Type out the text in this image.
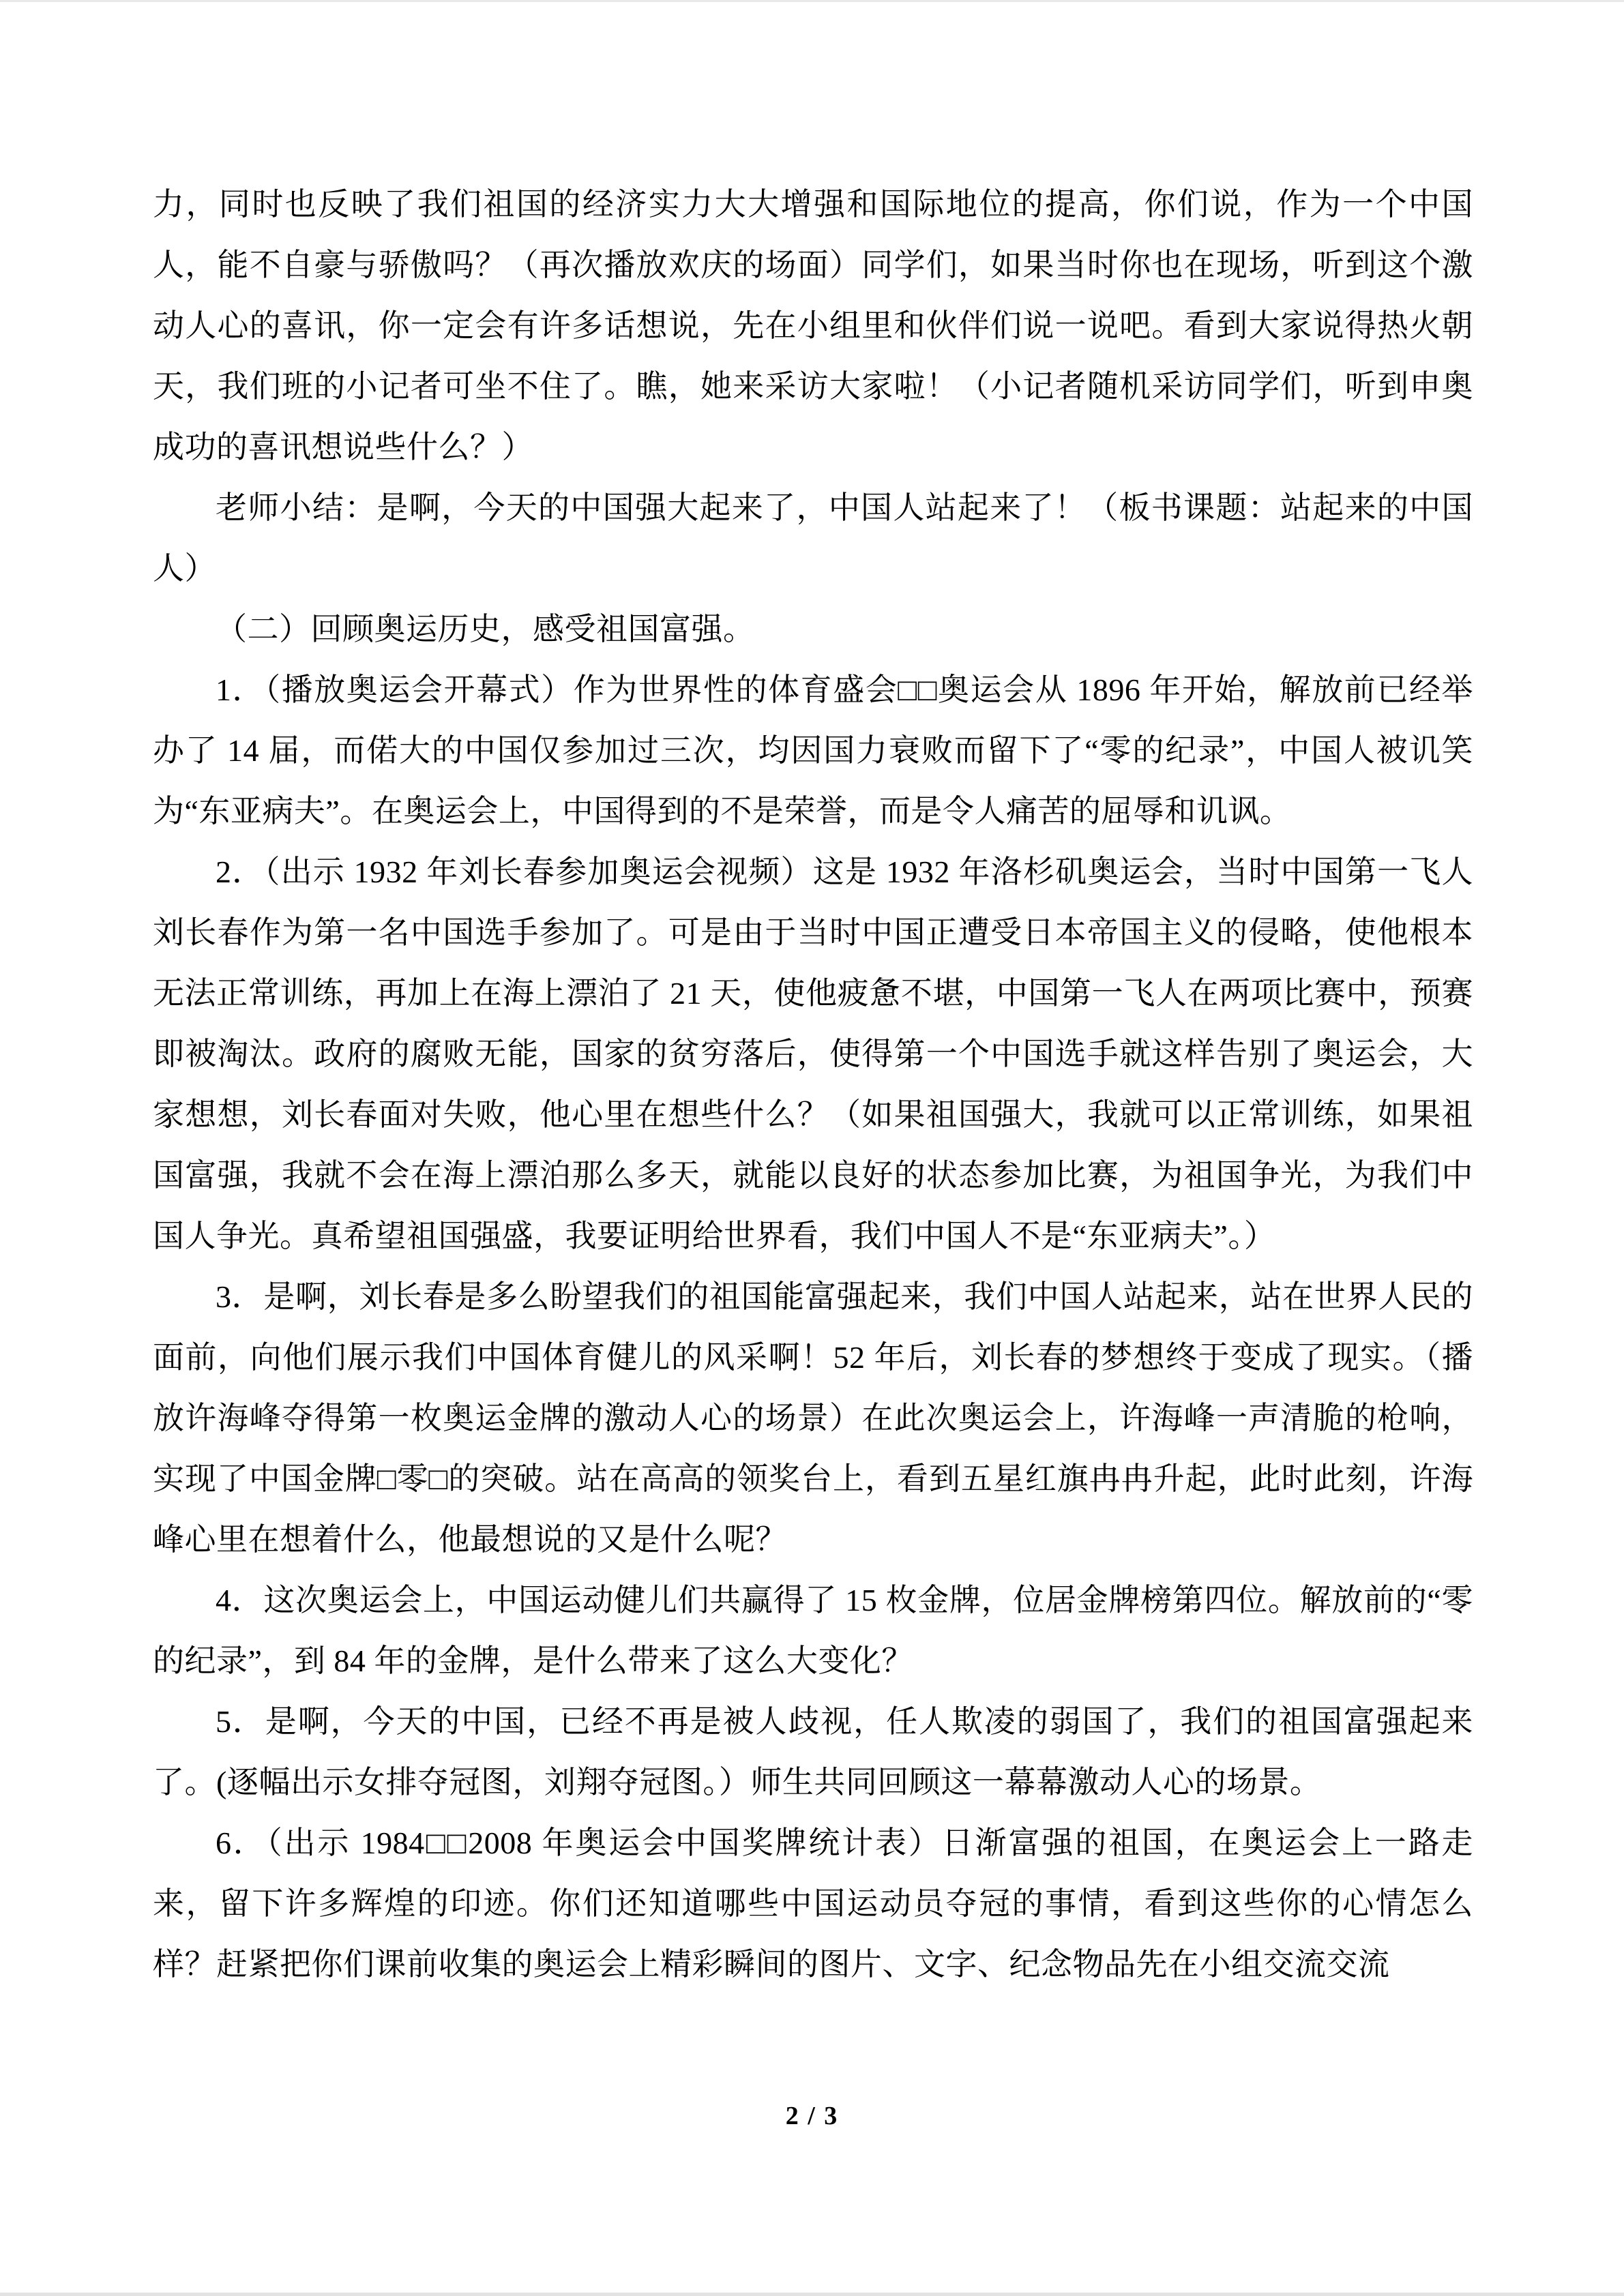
力，同时也反映了我们祖国的经济实力大大增强和国际地位的提高，你们说，作为一个中国人，能不自豪与骄傲吗？（再次播放欢庆的场面）同学们，如果当时你也在现场，听到这个激动人心的喜讯，你一定会有许多话想说，先在小组里和伙伴们说一说吧。看到大家说得热火朝天，我们班的小记者可坐不住了。瞧，她来采访大家啦！（小记者随机采访同学们，听到申奥成功的喜讯想说些什么？）

老师小结：是啊，今天的中国强大起来了，中国人站起来了！（板书课题：站起来的中国人）

（二）回顾奥运历史，感受祖国富强。

1．（播放奥运会开幕式）作为世界性的体育盛会□□奥运会从 1896 年开始，解放前已经举办了 14 届，而偌大的中国仅参加过三次，均因国力衰败而留下了“零的纪录”，中国人被讥笑为“东亚病夫”。在奥运会上，中国得到的不是荣誉，而是令人痛苦的屈辱和讥讽。

2．（出示 1932 年刘长春参加奥运会视频）这是 1932 年洛杉矶奥运会，当时中国第一飞人刘长春作为第一名中国选手参加了。可是由于当时中国正遭受日本帝国主义的侵略，使他根本无法正常训练，再加上在海上漂泊了 21 天，使他疲惫不堪，中国第一飞人在两项比赛中，预赛即被淘汰。政府的腐败无能，国家的贫穷落后，使得第一个中国选手就这样告别了奥运会，大家想想，刘长春面对失败，他心里在想些什么？（如果祖国强大，我就可以正常训练，如果祖国富强，我就不会在海上漂泊那么多天，就能以良好的状态参加比赛，为祖国争光，为我们中国人争光。真希望祖国强盛，我要证明给世界看，我们中国人不是“东亚病夫”。）

3．是啊，刘长春是多么盼望我们的祖国能富强起来，我们中国人站起来，站在世界人民的面前，向他们展示我们中国体育健儿的风采啊！52 年后，刘长春的梦想终于变成了现实。（播放许海峰夺得第一枚奥运金牌的激动人心的场景）在此次奥运会上，许海峰一声清脆的枪响，实现了中国金牌□零□的突破。站在高高的领奖台上，看到五星红旗冉冉升起，此时此刻，许海峰心里在想着什么，他最想说的又是什么呢？

4．这次奥运会上，中国运动健儿们共赢得了 15 枚金牌，位居金牌榜第四位。解放前的“零的纪录”，到 84 年的金牌，是什么带来了这么大变化？

5．是啊，今天的中国，已经不再是被人歧视，任人欺凌的弱国了，我们的祖国富强起来了。(逐幅出示女排夺冠图，刘翔夺冠图。）师生共同回顾这一幕幕激动人心的场景。

6．（出示 1984□□2008 年奥运会中国奖牌统计表）日渐富强的祖国，在奥运会上一路走来，留下许多辉煌的印迹。你们还知道哪些中国运动员夺冠的事情，看到这些你的心情怎么样？赶紧把你们课前收集的奥运会上精彩瞬间的图片、文字、纪念物品先在小组交流交流

2 / 3
